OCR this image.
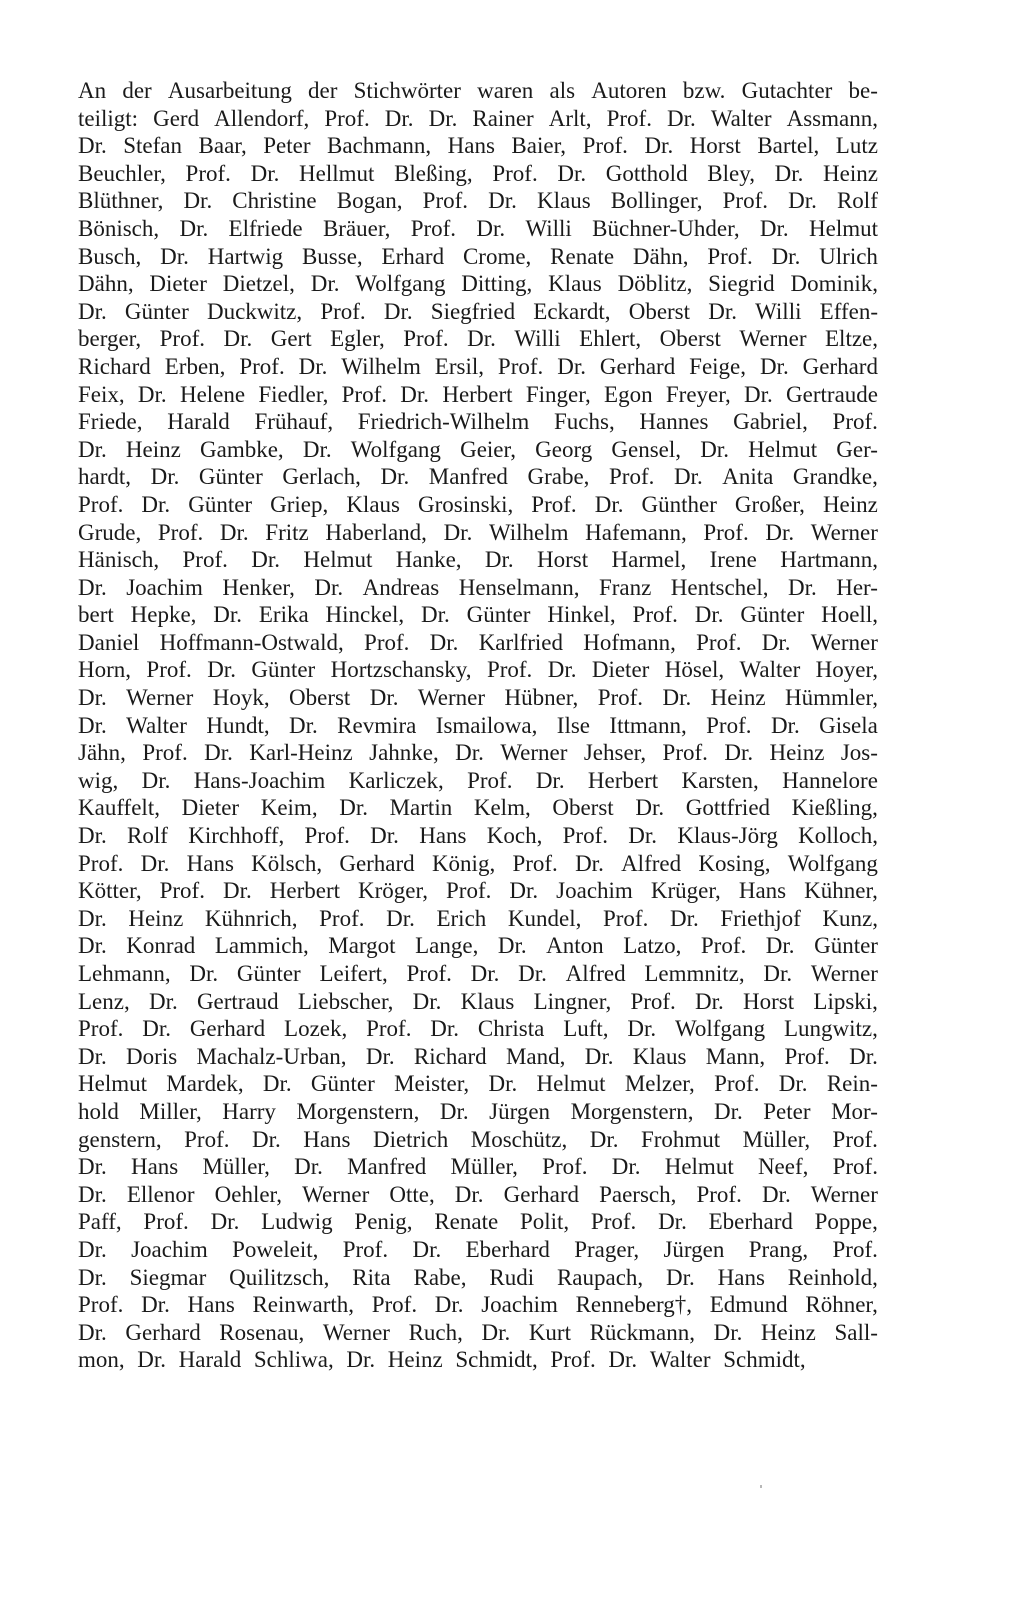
An der Ausarbeitung der Stichwörter waren als Autoren bzw. Gutachter be-
teiligt: Gerd Allendorf, Prof. Dr. Dr. Rainer Arlt, Prof. Dr. Walter Assmann,
Dr. Stefan Baar, Peter Bachmann, Hans Baier, Prof. Dr. Horst Bartel, Lutz
Beuchler, Prof. Dr. Hellmut Bleßing, Prof. Dr. Gotthold Bley, Dr. Heinz
Blüthner, Dr. Christine Bogan, Prof. Dr. Klaus Bollinger, Prof. Dr. Rolf
Bönisch, Dr. Elfriede Bräuer, Prof. Dr. Willi Büchner-Uhder, Dr. Helmut
Busch, Dr. Hartwig Busse, Erhard Crome, Renate Dähn, Prof. Dr. Ulrich
Dähn, Dieter Dietzel, Dr. Wolfgang Ditting, Klaus Döblitz, Siegrid Dominik,
Dr. Günter Duckwitz, Prof. Dr. Siegfried Eckardt, Oberst Dr. Willi Effen-
berger, Prof. Dr. Gert Egler, Prof. Dr. Willi Ehlert, Oberst Werner Eltze,
Richard Erben, Prof. Dr. Wilhelm Ersil, Prof. Dr. Gerhard Feige, Dr. Gerhard
Feix, Dr. Helene Fiedler, Prof. Dr. Herbert Finger, Egon Freyer, Dr. Gertraude
Friede, Harald Frühauf, Friedrich-Wilhelm Fuchs, Hannes Gabriel, Prof.
Dr. Heinz Gambke, Dr. Wolfgang Geier, Georg Gensel, Dr. Helmut Ger-
hardt, Dr. Günter Gerlach, Dr. Manfred Grabe, Prof. Dr. Anita Grandke,
Prof. Dr. Günter Griep, Klaus Grosinski, Prof. Dr. Günther Großer, Heinz
Grude, Prof. Dr. Fritz Haberland, Dr. Wilhelm Hafemann, Prof. Dr. Werner
Hänisch, Prof. Dr. Helmut Hanke, Dr. Horst Harmel, Irene Hartmann,
Dr. Joachim Henker, Dr. Andreas Henselmann, Franz Hentschel, Dr. Her-
bert Hepke, Dr. Erika Hinckel, Dr. Günter Hinkel, Prof. Dr. Günter Hoell,
Daniel Hoffmann-Ostwald, Prof. Dr. Karlfried Hofmann, Prof. Dr. Werner
Horn, Prof. Dr. Günter Hortzschansky, Prof. Dr. Dieter Hösel, Walter Hoyer,
Dr. Werner Hoyk, Oberst Dr. Werner Hübner, Prof. Dr. Heinz Hümmler,
Dr. Walter Hundt, Dr. Revmira Ismailowa, Ilse Ittmann, Prof. Dr. Gisela
Jähn, Prof. Dr. Karl-Heinz Jahnke, Dr. Werner Jehser, Prof. Dr. Heinz Jos-
wig, Dr. Hans-Joachim Karliczek, Prof. Dr. Herbert Karsten, Hannelore
Kauffelt, Dieter Keim, Dr. Martin Kelm, Oberst Dr. Gottfried Kießling,
Dr. Rolf Kirchhoff, Prof. Dr. Hans Koch, Prof. Dr. Klaus-Jörg Kolloch,
Prof. Dr. Hans Kölsch, Gerhard König, Prof. Dr. Alfred Kosing, Wolfgang
Kötter, Prof. Dr. Herbert Kröger, Prof. Dr. Joachim Krüger, Hans Kühner,
Dr. Heinz Kühnrich, Prof. Dr. Erich Kundel, Prof. Dr. Friethjof Kunz,
Dr. Konrad Lammich, Margot Lange, Dr. Anton Latzo, Prof. Dr. Günter
Lehmann, Dr. Günter Leifert, Prof. Dr. Dr. Alfred Lemmnitz, Dr. Werner
Lenz, Dr. Gertraud Liebscher, Dr. Klaus Lingner, Prof. Dr. Horst Lipski,
Prof. Dr. Gerhard Lozek, Prof. Dr. Christa Luft, Dr. Wolfgang Lungwitz,
Dr. Doris Machalz-Urban, Dr. Richard Mand, Dr. Klaus Mann, Prof. Dr.
Helmut Mardek, Dr. Günter Meister, Dr. Helmut Melzer, Prof. Dr. Rein-
hold Miller, Harry Morgenstern, Dr. Jürgen Morgenstern, Dr. Peter Mor-
genstern, Prof. Dr. Hans Dietrich Moschütz, Dr. Frohmut Müller, Prof.
Dr. Hans Müller, Dr. Manfred Müller, Prof. Dr. Helmut Neef, Prof.
Dr. Ellenor Oehler, Werner Otte, Dr. Gerhard Paersch, Prof. Dr. Werner
Paff, Prof. Dr. Ludwig Penig, Renate Polit, Prof. Dr. Eberhard Poppe,
Dr. Joachim Poweleit, Prof. Dr. Eberhard Prager, Jürgen Prang, Prof.
Dr. Siegmar Quilitzsch, Rita Rabe, Rudi Raupach, Dr. Hans Reinhold,
Prof. Dr. Hans Reinwarth, Prof. Dr. Joachim Renneberg†, Edmund Röhner,
Dr. Gerhard Rosenau, Werner Ruch, Dr. Kurt Rückmann, Dr. Heinz Sall-
mon, Dr. Harald Schliwa, Dr. Heinz Schmidt, Prof. Dr. Walter Schmidt,
